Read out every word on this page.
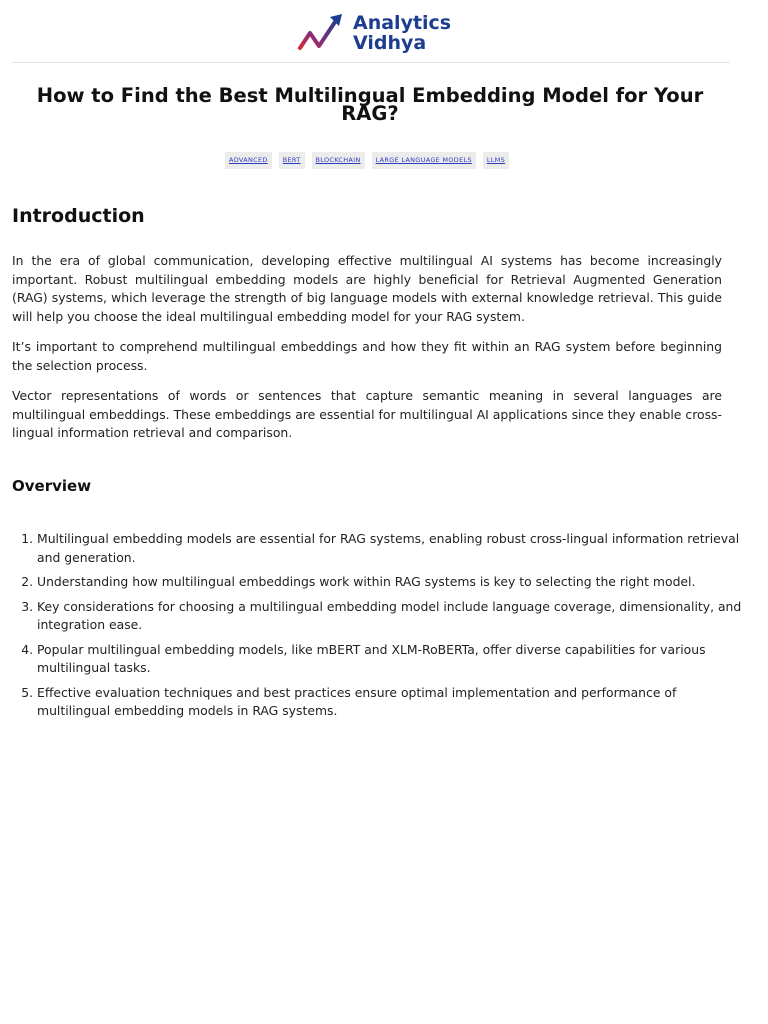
Analytics
Vidhya
How to Find the Best Multilingual Embedding Model for Your RAG?
ADVANCED	BERT	BLOCKCHAIN	LARGE LANGUAGE MODELS	LLMS
Introduction

In the era of global communication, developing effective multilingual AI systems has become increasingly important. Robust multilingual embedding models are highly beneficial for Retrieval Augmented Generation (RAG) systems, which leverage the strength of big language models with external knowledge retrieval. This guide will help you choose the ideal multilingual embedding model for your RAG system.

It’s important to comprehend multilingual embeddings and how they fit within an RAG system before beginning the selection process.

Vector representations of words or sentences that capture semantic meaning in several languages are multilingual embeddings. These embeddings are essential for multilingual AI applications since they enable cross-lingual information retrieval and comparison.

Overview
1. Multilingual embedding models are essential for RAG systems, enabling robust cross-lingual information retrieval and generation.
2. Understanding how multilingual embeddings work within RAG systems is key to selecting the right model.
3. Key considerations for choosing a multilingual embedding model include language coverage, dimensionality, and integration ease.
4. Popular multilingual embedding models, like mBERT and XLM-RoBERTa, offer diverse capabilities for various multilingual tasks.
5. Effective evaluation techniques and best practices ensure optimal implementation and performance of multilingual embedding models in RAG systems.
